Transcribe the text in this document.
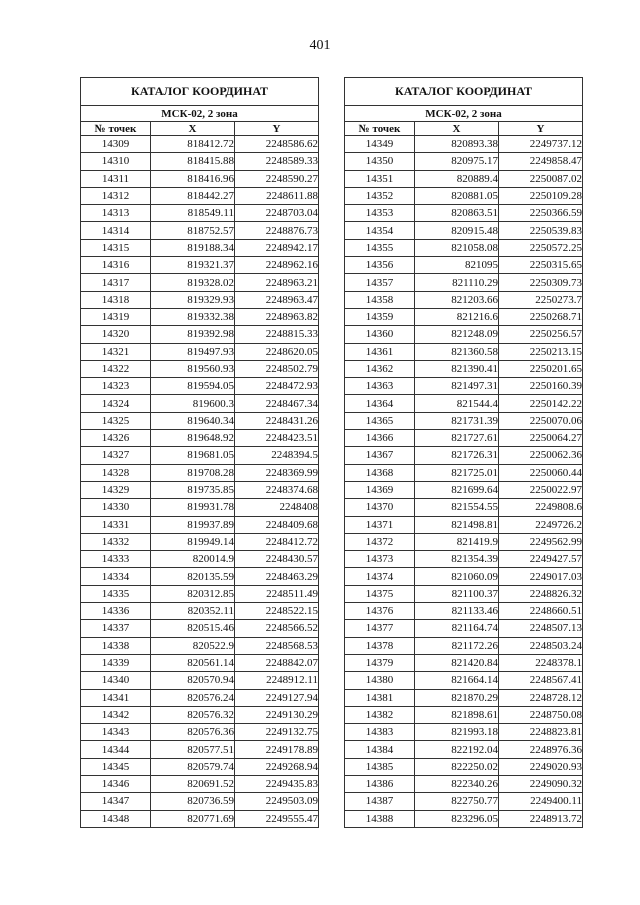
401
КАТАЛОГ КООРДИНАТ		
МСК-02, 2 зона		
№ точек	X	Y
14309	818412.72	2248586.62
14310	818415.88	2248589.33
14311	818416.96	2248590.27
14312	818442.27	2248611.88
14313	818549.11	2248703.04
14314	818752.57	2248876.73
14315	819188.34	2248942.17
14316	819321.37	2248962.16
14317	819328.02	2248963.21
14318	819329.93	2248963.47
14319	819332.38	2248963.82
14320	819392.98	2248815.33
14321	819497.93	2248620.05
14322	819560.93	2248502.79
14323	819594.05	2248472.93
14324	819600.3	2248467.34
14325	819640.34	2248431.26
14326	819648.92	2248423.51
14327	819681.05	2248394.5
14328	819708.28	2248369.99
14329	819735.85	2248374.68
14330	819931.78	2248408
14331	819937.89	2248409.68
14332	819949.14	2248412.72
14333	820014.9	2248430.57
14334	820135.59	2248463.29
14335	820312.85	2248511.49
14336	820352.11	2248522.15
14337	820515.46	2248566.52
14338	820522.9	2248568.53
14339	820561.14	2248842.07
14340	820570.94	2248912.11
14341	820576.24	2249127.94
14342	820576.32	2249130.29
14343	820576.36	2249132.75
14344	820577.51	2249178.89
14345	820579.74	2249268.94
14346	820691.52	2249435.83
14347	820736.59	2249503.09
14348	820771.69	2249555.47
КАТАЛОГ КООРДИНАТ		
МСК-02, 2 зона		
№ точек	X	Y
14349	820893.38	2249737.12
14350	820975.17	2249858.47
14351	820889.4	2250087.02
14352	820881.05	2250109.28
14353	820863.51	2250366.59
14354	820915.48	2250539.83
14355	821058.08	2250572.25
14356	821095	2250315.65
14357	821110.29	2250309.73
14358	821203.66	2250273.7
14359	821216.6	2250268.71
14360	821248.09	2250256.57
14361	821360.58	2250213.15
14362	821390.41	2250201.65
14363	821497.31	2250160.39
14364	821544.4	2250142.22
14365	821731.39	2250070.06
14366	821727.61	2250064.27
14367	821726.31	2250062.36
14368	821725.01	2250060.44
14369	821699.64	2250022.97
14370	821554.55	2249808.6
14371	821498.81	2249726.2
14372	821419.9	2249562.99
14373	821354.39	2249427.57
14374	821060.09	2249017.03
14375	821100.37	2248826.32
14376	821133.46	2248660.51
14377	821164.74	2248507.13
14378	821172.26	2248503.24
14379	821420.84	2248378.1
14380	821664.14	2248567.41
14381	821870.29	2248728.12
14382	821898.61	2248750.08
14383	821993.18	2248823.81
14384	822192.04	2248976.36
14385	822250.02	2249020.93
14386	822340.26	2249090.32
14387	822750.77	2249400.11
14388	823296.05	2248913.72
